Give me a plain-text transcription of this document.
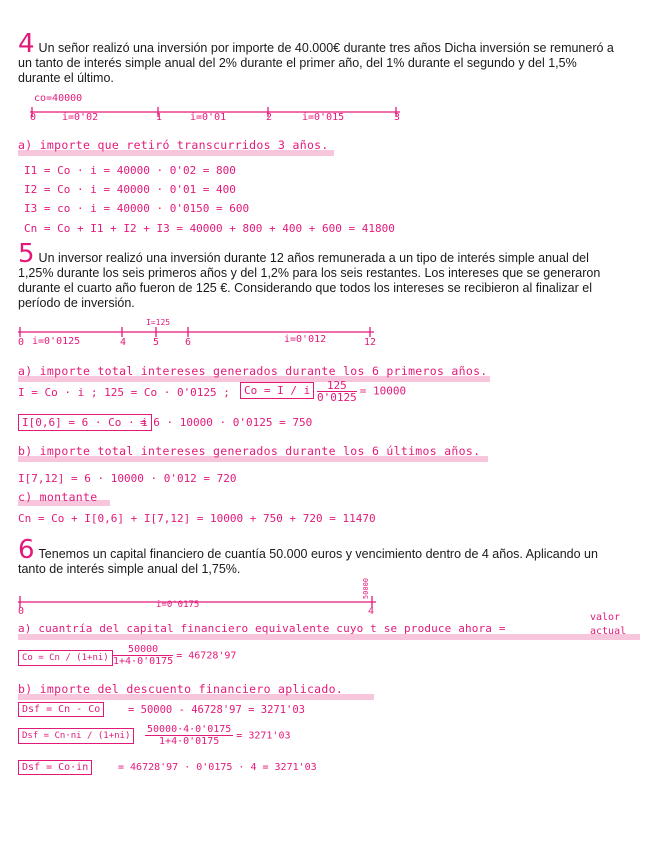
4 Un señor realizó una inversión por importe de 40.000€ durante tres años Dicha inversión se remuneró a un tanto de interés simple anual del 2% durante el primer año, del 1% durante el segundo y del 1,5% durante el último.
co=40000
0	i=0'02	1	i=0'01	2	i=0'015	3
a) importe que retiró transcurridos 3 años.
I1 = Co · i = 40000 · 0'02 = 800
I2 = Co · i = 40000 · 0'01 = 400
I3 = co · i = 40000 · 0'0150 = 600
Cn = Co + I1 + I2 + I3 = 40000 + 800 + 400 + 600 = 41800
5 Un inversor realizó una inversión durante 12 años remunerada a un tipo de interés simple anual del 1,25% durante los seis primeros años y del 1,2% para los seis restantes. Los intereses que se generaron durante el cuarto año fueron de 125 €. Considerando que todos los intereses se recibieron al finalizar el período de inversión.
I=125
0 i=0'0125	4	5	6	i=0'012	12
a) importe total intereses generados durante los 6 primeros años.
I = Co · i ; 125 = Co · 0'0125 ;	Co = I / i $\frac{125}{0'0125} = 10000$
I[0,6] = 6 · Co · i
= 6 · 10000 · 0'0125 = 750
b) importe total intereses generados durante los 6 últimos años.
I[7,12] = 6 · 10000 · 0'012 = 720
c) montante
Cn = Co + I[0,6] + I[7,12] = 10000 + 750 + 720 = 11470
6 Tenemos un capital financiero de cuantía 50.000 euros y vencimiento dentro de 4 años. Aplicando un tanto de interés simple anual del 1,75%.
50000
0
i=0'0175
4
a) cuantría del capital financiero equivalente cuyo t se produce ahora =
valor
actual
$Co = Cn / (1+ni) \frac{50000}{1+4\cdot 0'0175} = 46728'97$
b) importe del descuento financiero aplicado.
Dsf = Cn - Co	= 50000 - 46728'97 = 3271'03
Dsf = Cn·ni / (1+ni)	$\frac{50000\cdot 4\cdot 0'0175}{1+4\cdot 0'0175} = 3271'03$
Dsf = Co·in	= 46728'97 · 0'0175 · 4 = 3271'03
